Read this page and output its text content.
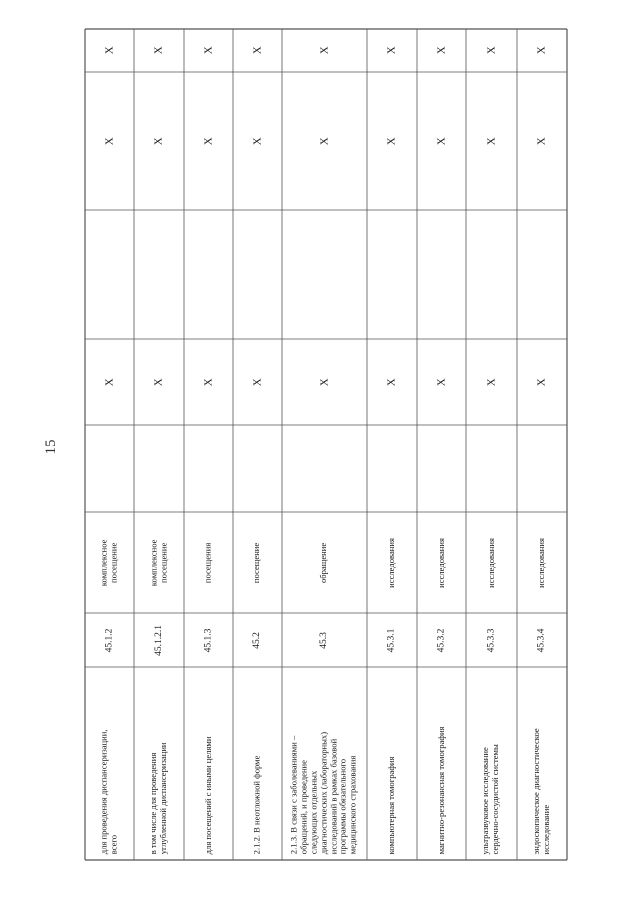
15
для проведения диспансеризации,
всего
45.1.2
комплексное
посещение
X
X
X
в том числе для проведения
углубленной диспансеризации
45.1.2.1
комплексное
посещение
X
X
X
для посещений с иными целями
45.1.3
посещения
X
X
X
2.1.2. В неотложной форме
45.2
посещение
X
X
X
2.1.3. В связи с заболеваниями –
обращений, и проведение
следующих отдельных
диагностических (лабораторных)
исследований в рамках базовой
программы обязательного
медицинского страхования
45.3
обращение
X
X
X
компьютерная томография
45.3.1
исследования
X
X
X
магнитно-резонансная томография
45.3.2
исследования
X
X
X
ультразвуковое исследование
сердечно-сосудистой системы
45.3.3
исследования
X
X
X
эндоскопическое диагностическое
исследование
45.3.4
исследования
X
X
X
